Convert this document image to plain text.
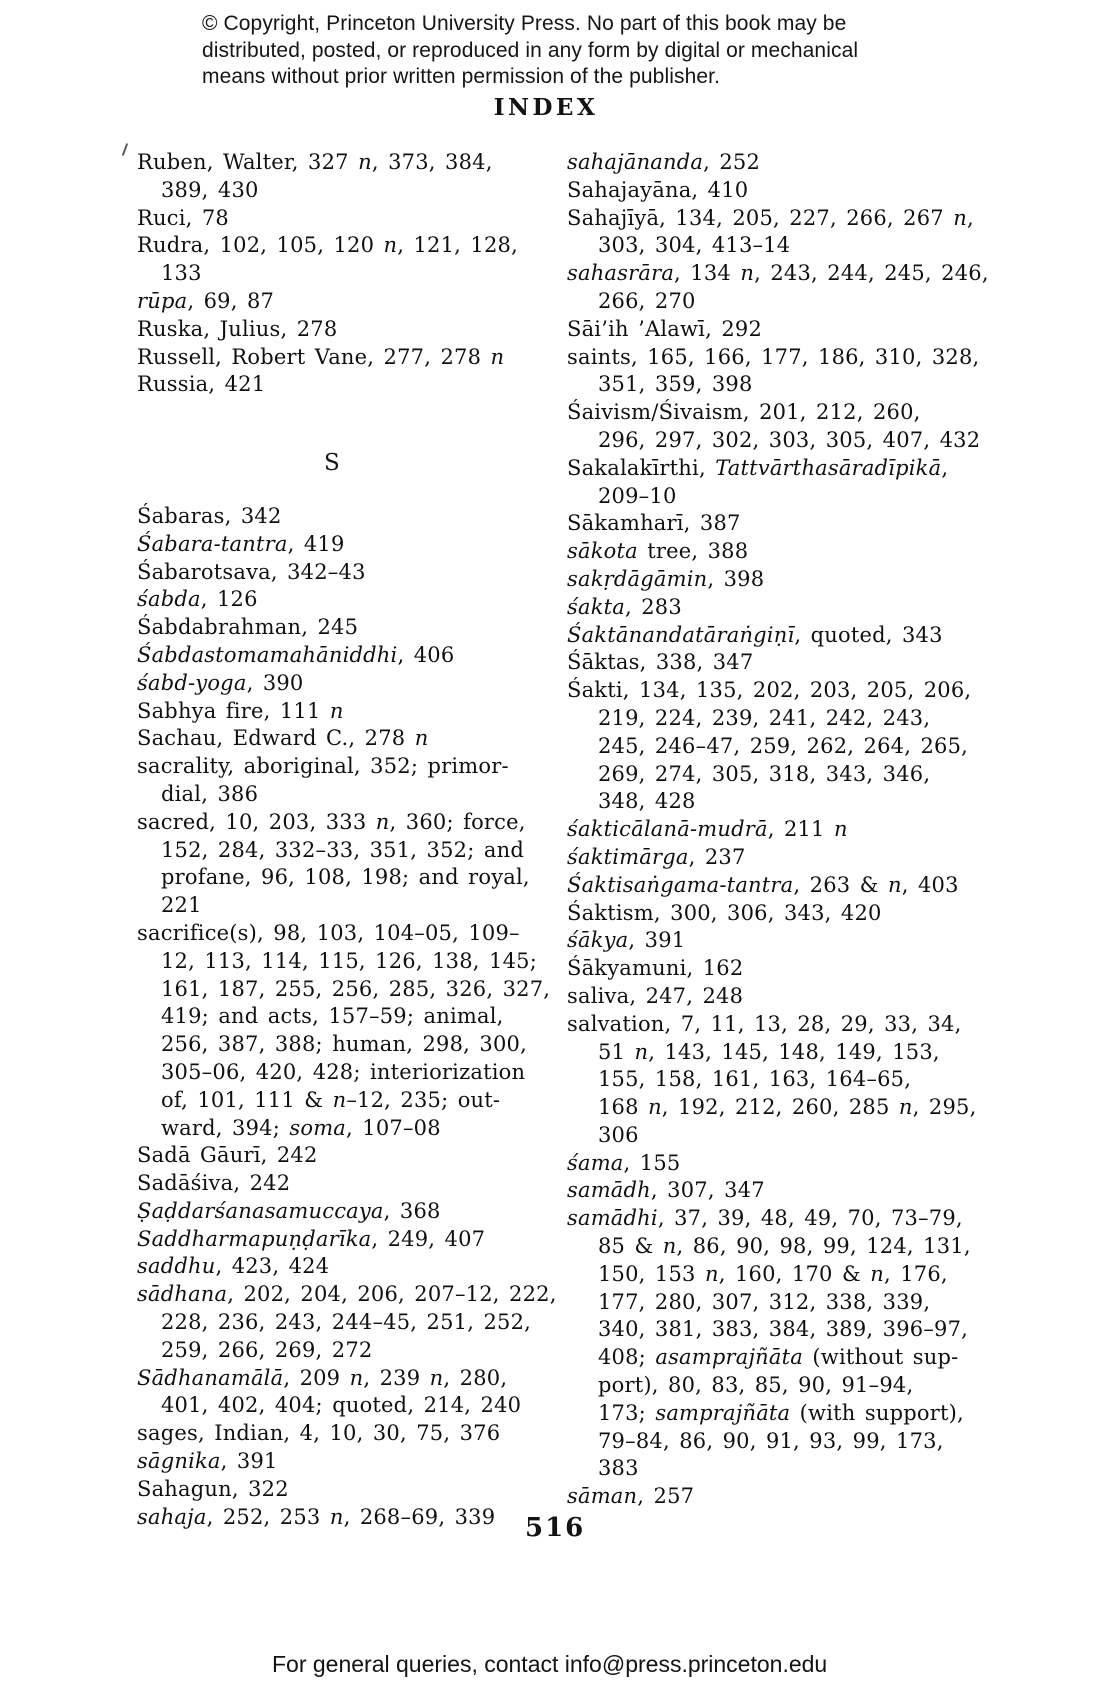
© Copyright, Princeton University Press. No part of this book may be
distributed, posted, or reproduced in any form by digital or mechanical
means without prior written permission of the publisher.
INDEX
Ruben, Walter, 327 n, 373, 384,
389, 430
Ruci, 78
Rudra, 102, 105, 120 n, 121, 128,
133
rūpa, 69, 87
Ruska, Julius, 278
Russell, Robert Vane, 277, 278 n
Russia, 421
S
Śabaras, 342
Śabara-tantra, 419
Śabarotsava, 342–43
śabda, 126
Śabdabrahman, 245
Śabdastomamahāniddhi, 406
śabd-yoga, 390
Sabhya fire, 111 n
Sachau, Edward C., 278 n
sacrality, aboriginal, 352; primor-
dial, 386
sacred, 10, 203, 333 n, 360; force,
152, 284, 332–33, 351, 352; and
profane, 96, 108, 198; and royal,
221
sacrifice(s), 98, 103, 104–05, 109–
12, 113, 114, 115, 126, 138, 145;
161, 187, 255, 256, 285, 326, 327,
419; and acts, 157–59; animal,
256, 387, 388; human, 298, 300,
305–06, 420, 428; interiorization
of, 101, 111 & n–12, 235; out-
ward, 394; soma, 107–08
Sadā Gāurī, 242
Sadāśiva, 242
Ṣaḍdarśanasamuccaya, 368
Saddharmapuṇḍarīka, 249, 407
saddhu, 423, 424
sādhana, 202, 204, 206, 207–12, 222,
228, 236, 243, 244–45, 251, 252,
259, 266, 269, 272
Sādhanamālā, 209 n, 239 n, 280,
401, 402, 404; quoted, 214, 240
sages, Indian, 4, 10, 30, 75, 376
sāgnika, 391
Sahagun, 322
sahaja, 252, 253 n, 268–69, 339
sahajānanda, 252
Sahajayāna, 410
Sahajīyā, 134, 205, 227, 266, 267 n,
303, 304, 413–14
sahasrāra, 134 n, 243, 244, 245, 246,
266, 270
Sāi’ih ’Alawī, 292
saints, 165, 166, 177, 186, 310, 328,
351, 359, 398
Śaivism/Śivaism, 201, 212, 260,
296, 297, 302, 303, 305, 407, 432
Sakalakīrthi, Tattvārthasāradīpikā,
209–10
Sākamharī, 387
sākota tree, 388
sakṛdāgāmin, 398
śakta, 283
Śaktānandatāraṅgiṇī, quoted, 343
Śāktas, 338, 347
Śakti, 134, 135, 202, 203, 205, 206,
219, 224, 239, 241, 242, 243,
245, 246–47, 259, 262, 264, 265,
269, 274, 305, 318, 343, 346,
348, 428
śakticālanā-mudrā, 211 n
śaktimārga, 237
Śaktisaṅgama-tantra, 263 & n, 403
Śaktism, 300, 306, 343, 420
śākya, 391
Śākyamuni, 162
saliva, 247, 248
salvation, 7, 11, 13, 28, 29, 33, 34,
51 n, 143, 145, 148, 149, 153,
155, 158, 161, 163, 164–65,
168 n, 192, 212, 260, 285 n, 295,
306
śama, 155
samādh, 307, 347
samādhi, 37, 39, 48, 49, 70, 73–79,
85 & n, 86, 90, 98, 99, 124, 131,
150, 153 n, 160, 170 & n, 176,
177, 280, 307, 312, 338, 339,
340, 381, 383, 384, 389, 396–97,
408; asamprajñāta (without sup-
port), 80, 83, 85, 90, 91–94,
173; samprajñāta (with support),
79–84, 86, 90, 91, 93, 99, 173,
383
sāman, 257
516
For general queries, contact info@press.princeton.edu
